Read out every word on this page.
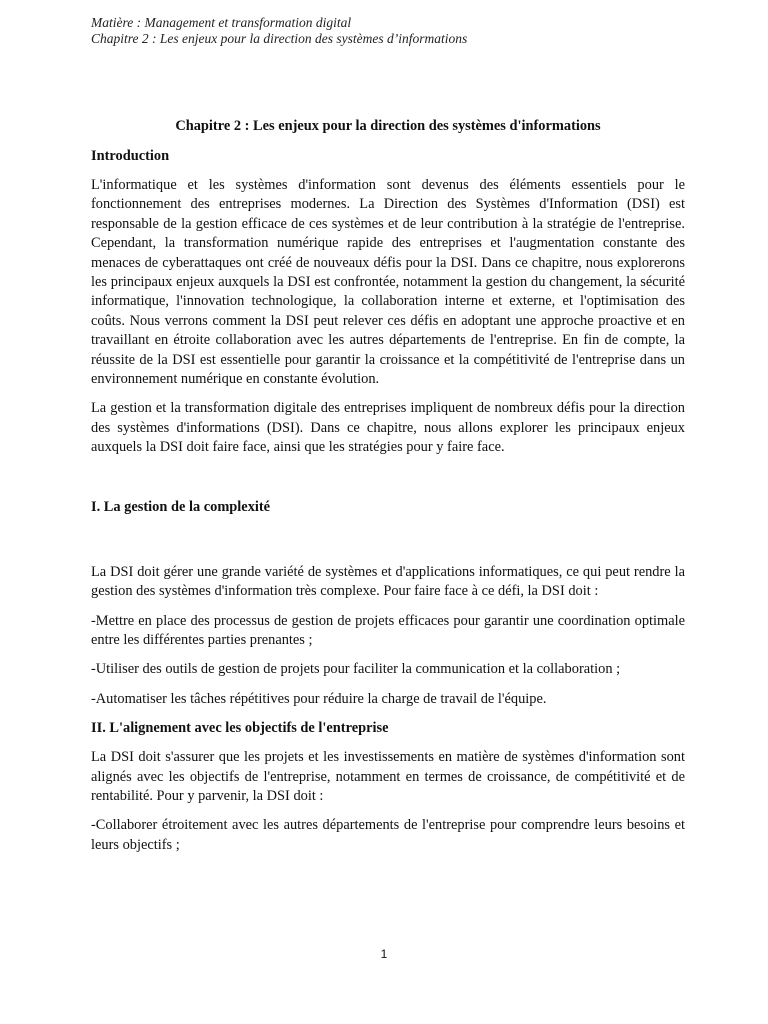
Matière : Management et transformation digital
Chapitre 2 : Les enjeux pour la direction des systèmes d’informations
Chapitre 2 : Les enjeux pour la direction des systèmes d'informations
Introduction

L'informatique et les systèmes d'information sont devenus des éléments essentiels pour le fonctionnement des entreprises modernes. La Direction des Systèmes d'Information (DSI) est responsable de la gestion efficace de ces systèmes et de leur contribution à la stratégie de l'entreprise. Cependant, la transformation numérique rapide des entreprises et l'augmentation constante des menaces de cyberattaques ont créé de nouveaux défis pour la DSI. Dans ce chapitre, nous explorerons les principaux enjeux auxquels la DSI est confrontée, notamment la gestion du changement, la sécurité informatique, l'innovation technologique, la collaboration interne et externe, et l'optimisation des coûts. Nous verrons comment la DSI peut relever ces défis en adoptant une approche proactive et en travaillant en étroite collaboration avec les autres départements de l'entreprise. En fin de compte, la réussite de la DSI est essentielle pour garantir la croissance et la compétitivité de l'entreprise dans un environnement numérique en constante évolution.

La gestion et la transformation digitale des entreprises impliquent de nombreux défis pour la direction des systèmes d'informations (DSI). Dans ce chapitre, nous allons explorer les principaux enjeux auxquels la DSI doit faire face, ainsi que les stratégies pour y faire face.

I. La gestion de la complexité

La DSI doit gérer une grande variété de systèmes et d'applications informatiques, ce qui peut rendre la gestion des systèmes d'information très complexe. Pour faire face à ce défi, la DSI doit :

-Mettre en place des processus de gestion de projets efficaces pour garantir une coordination optimale entre les différentes parties prenantes ;

-Utiliser des outils de gestion de projets pour faciliter la communication et la collaboration ;

-Automatiser les tâches répétitives pour réduire la charge de travail de l'équipe.

II. L'alignement avec les objectifs de l'entreprise

La DSI doit s'assurer que les projets et les investissements en matière de systèmes d'information sont alignés avec les objectifs de l'entreprise, notamment en termes de croissance, de compétitivité et de rentabilité. Pour y parvenir, la DSI doit :

-Collaborer étroitement avec les autres départements de l'entreprise pour comprendre leurs besoins et leurs objectifs ;

1
